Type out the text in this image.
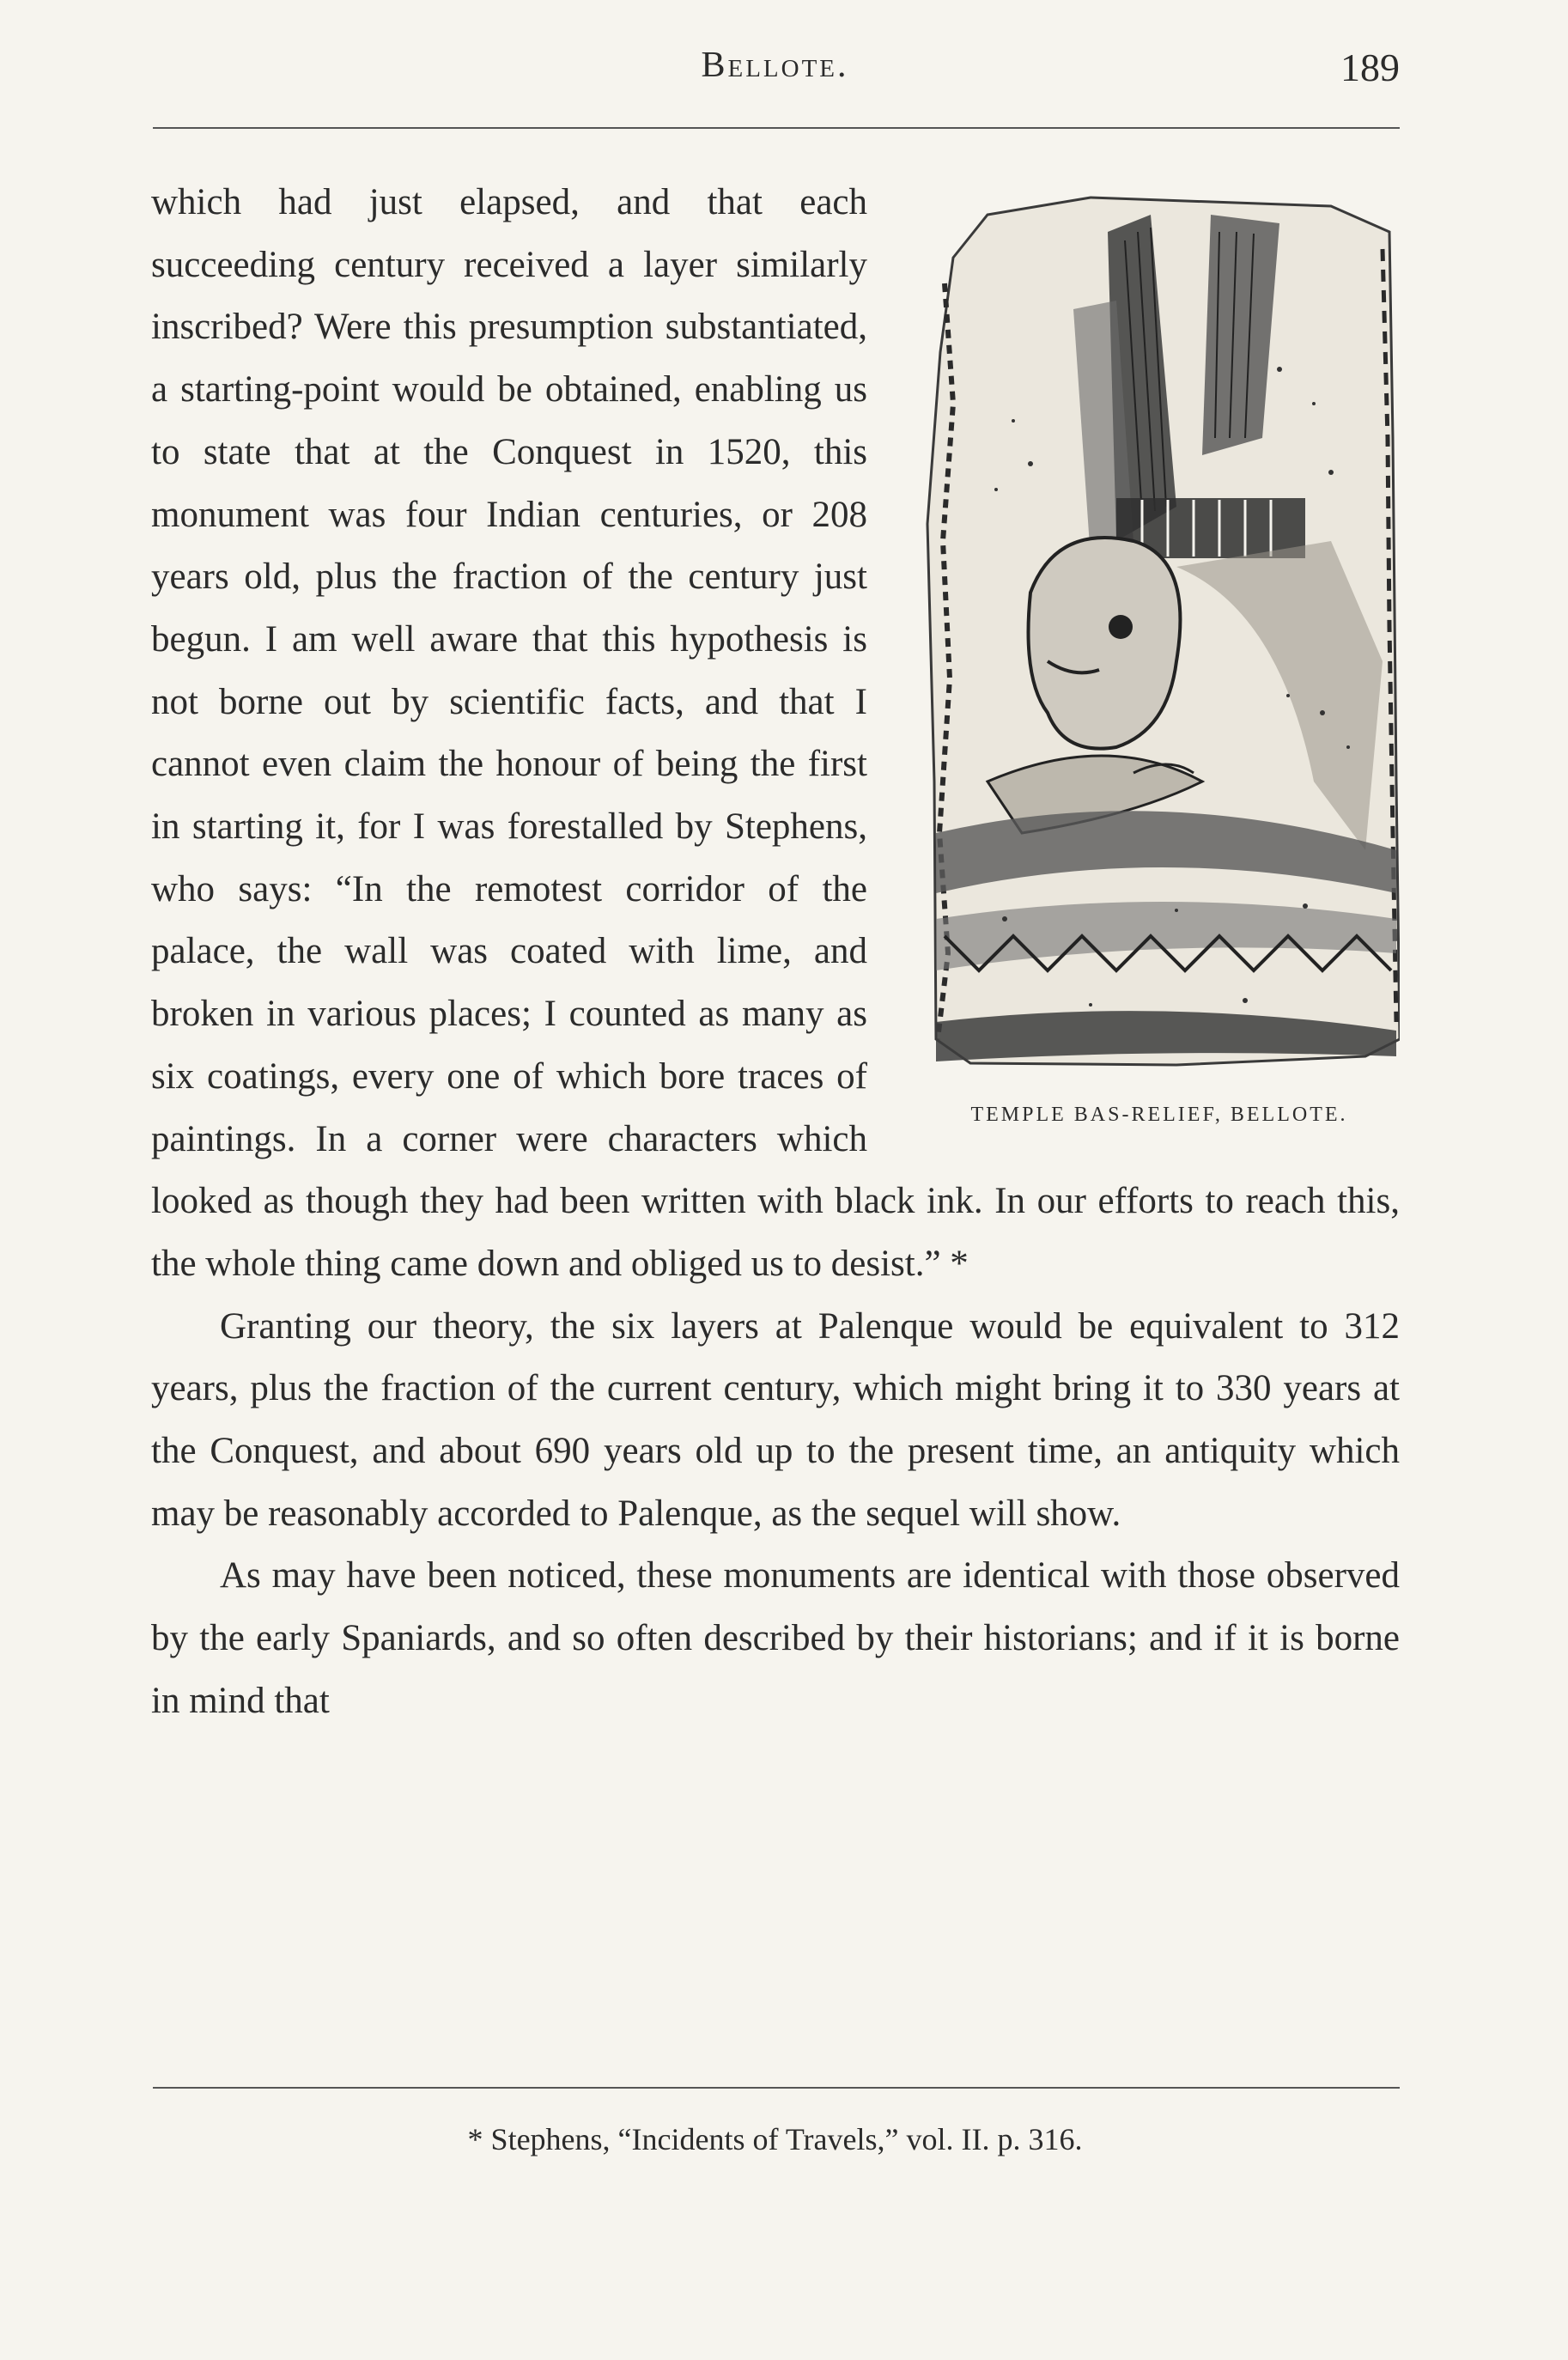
Bellote.	189
TEMPLE BAS-RELIEF, BELLOTE.

which had just elapsed, and that each succeeding century received a layer similarly inscribed? Were this presumption substantiated, a starting-point would be obtained, enabling us to state that at the Conquest in 1520, this monument was four Indian centuries, or 208 years old, plus the fraction of the century just begun. I am well aware that this hypothesis is not borne out by scientific facts, and that I cannot even claim the honour of being the first in starting it, for I was forestalled by Stephens, who says: “In the remotest corridor of the palace, the wall was coated with lime, and broken in various places; I counted as many as six coatings, every one of which bore traces of paintings. In a corner were characters which looked as though they had been written with black ink. In our efforts to reach this, the whole thing came down and obliged us to desist.” *

Granting our theory, the six layers at Palenque would be equivalent to 312 years, plus the fraction of the current century, which might bring it to 330 years at the Conquest, and about 690 years old up to the present time, an antiquity which may be reasonably accorded to Palenque, as the sequel will show.

As may have been noticed, these monuments are identical with those observed by the early Spaniards, and so often described by their historians; and if it is borne in mind that

* Stephens, “Incidents of Travels,” vol. II. p. 316.
